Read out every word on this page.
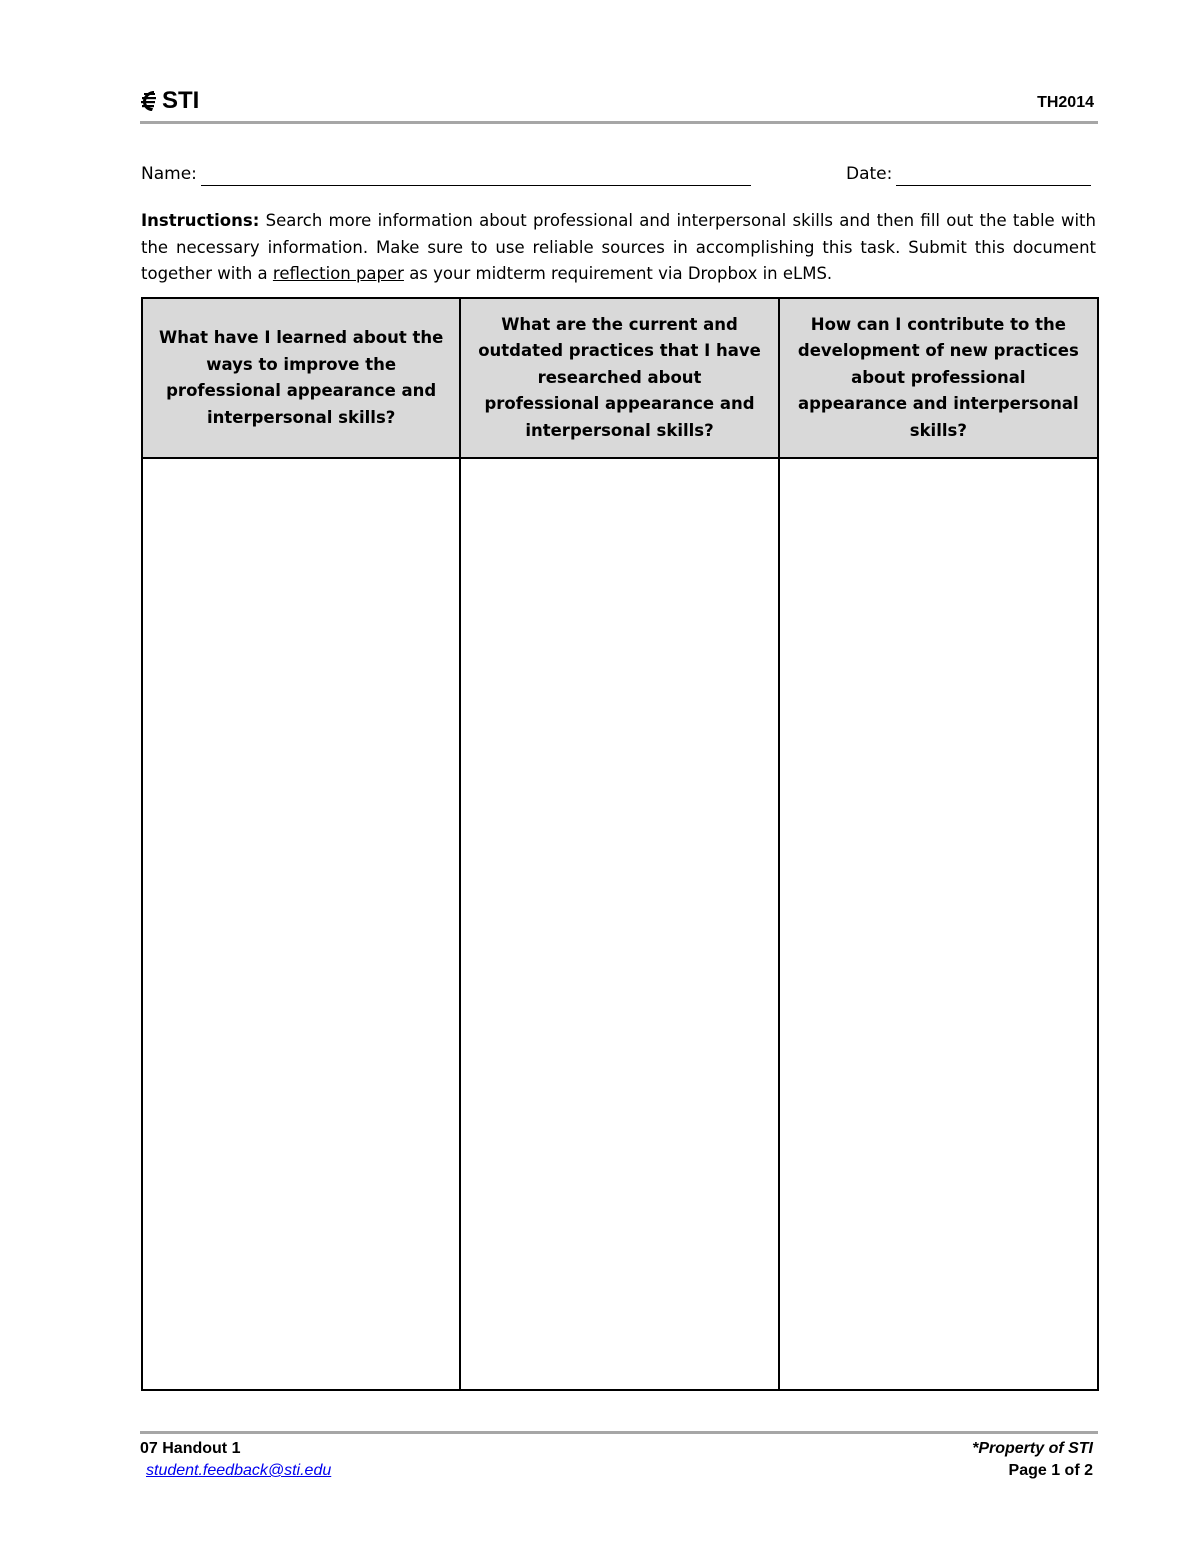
STI	TH2014
Name:	Date:
Instructions: Search more information about professional and interpersonal skills and then fill out the table with the necessary information. Make sure to use reliable sources in accomplishing this task. Submit this document together with a reflection paper as your midterm requirement via Dropbox in eLMS.
What have I learned about the ways to improve the professional appearance and interpersonal skills?	What are the current and outdated practices that I have researched about professional appearance and interpersonal skills?	How can I contribute to the development of new practices about professional appearance and interpersonal skills?

07 Handout 1
student.feedback@sti.edu
*Property of STI
Page 1 of 2
